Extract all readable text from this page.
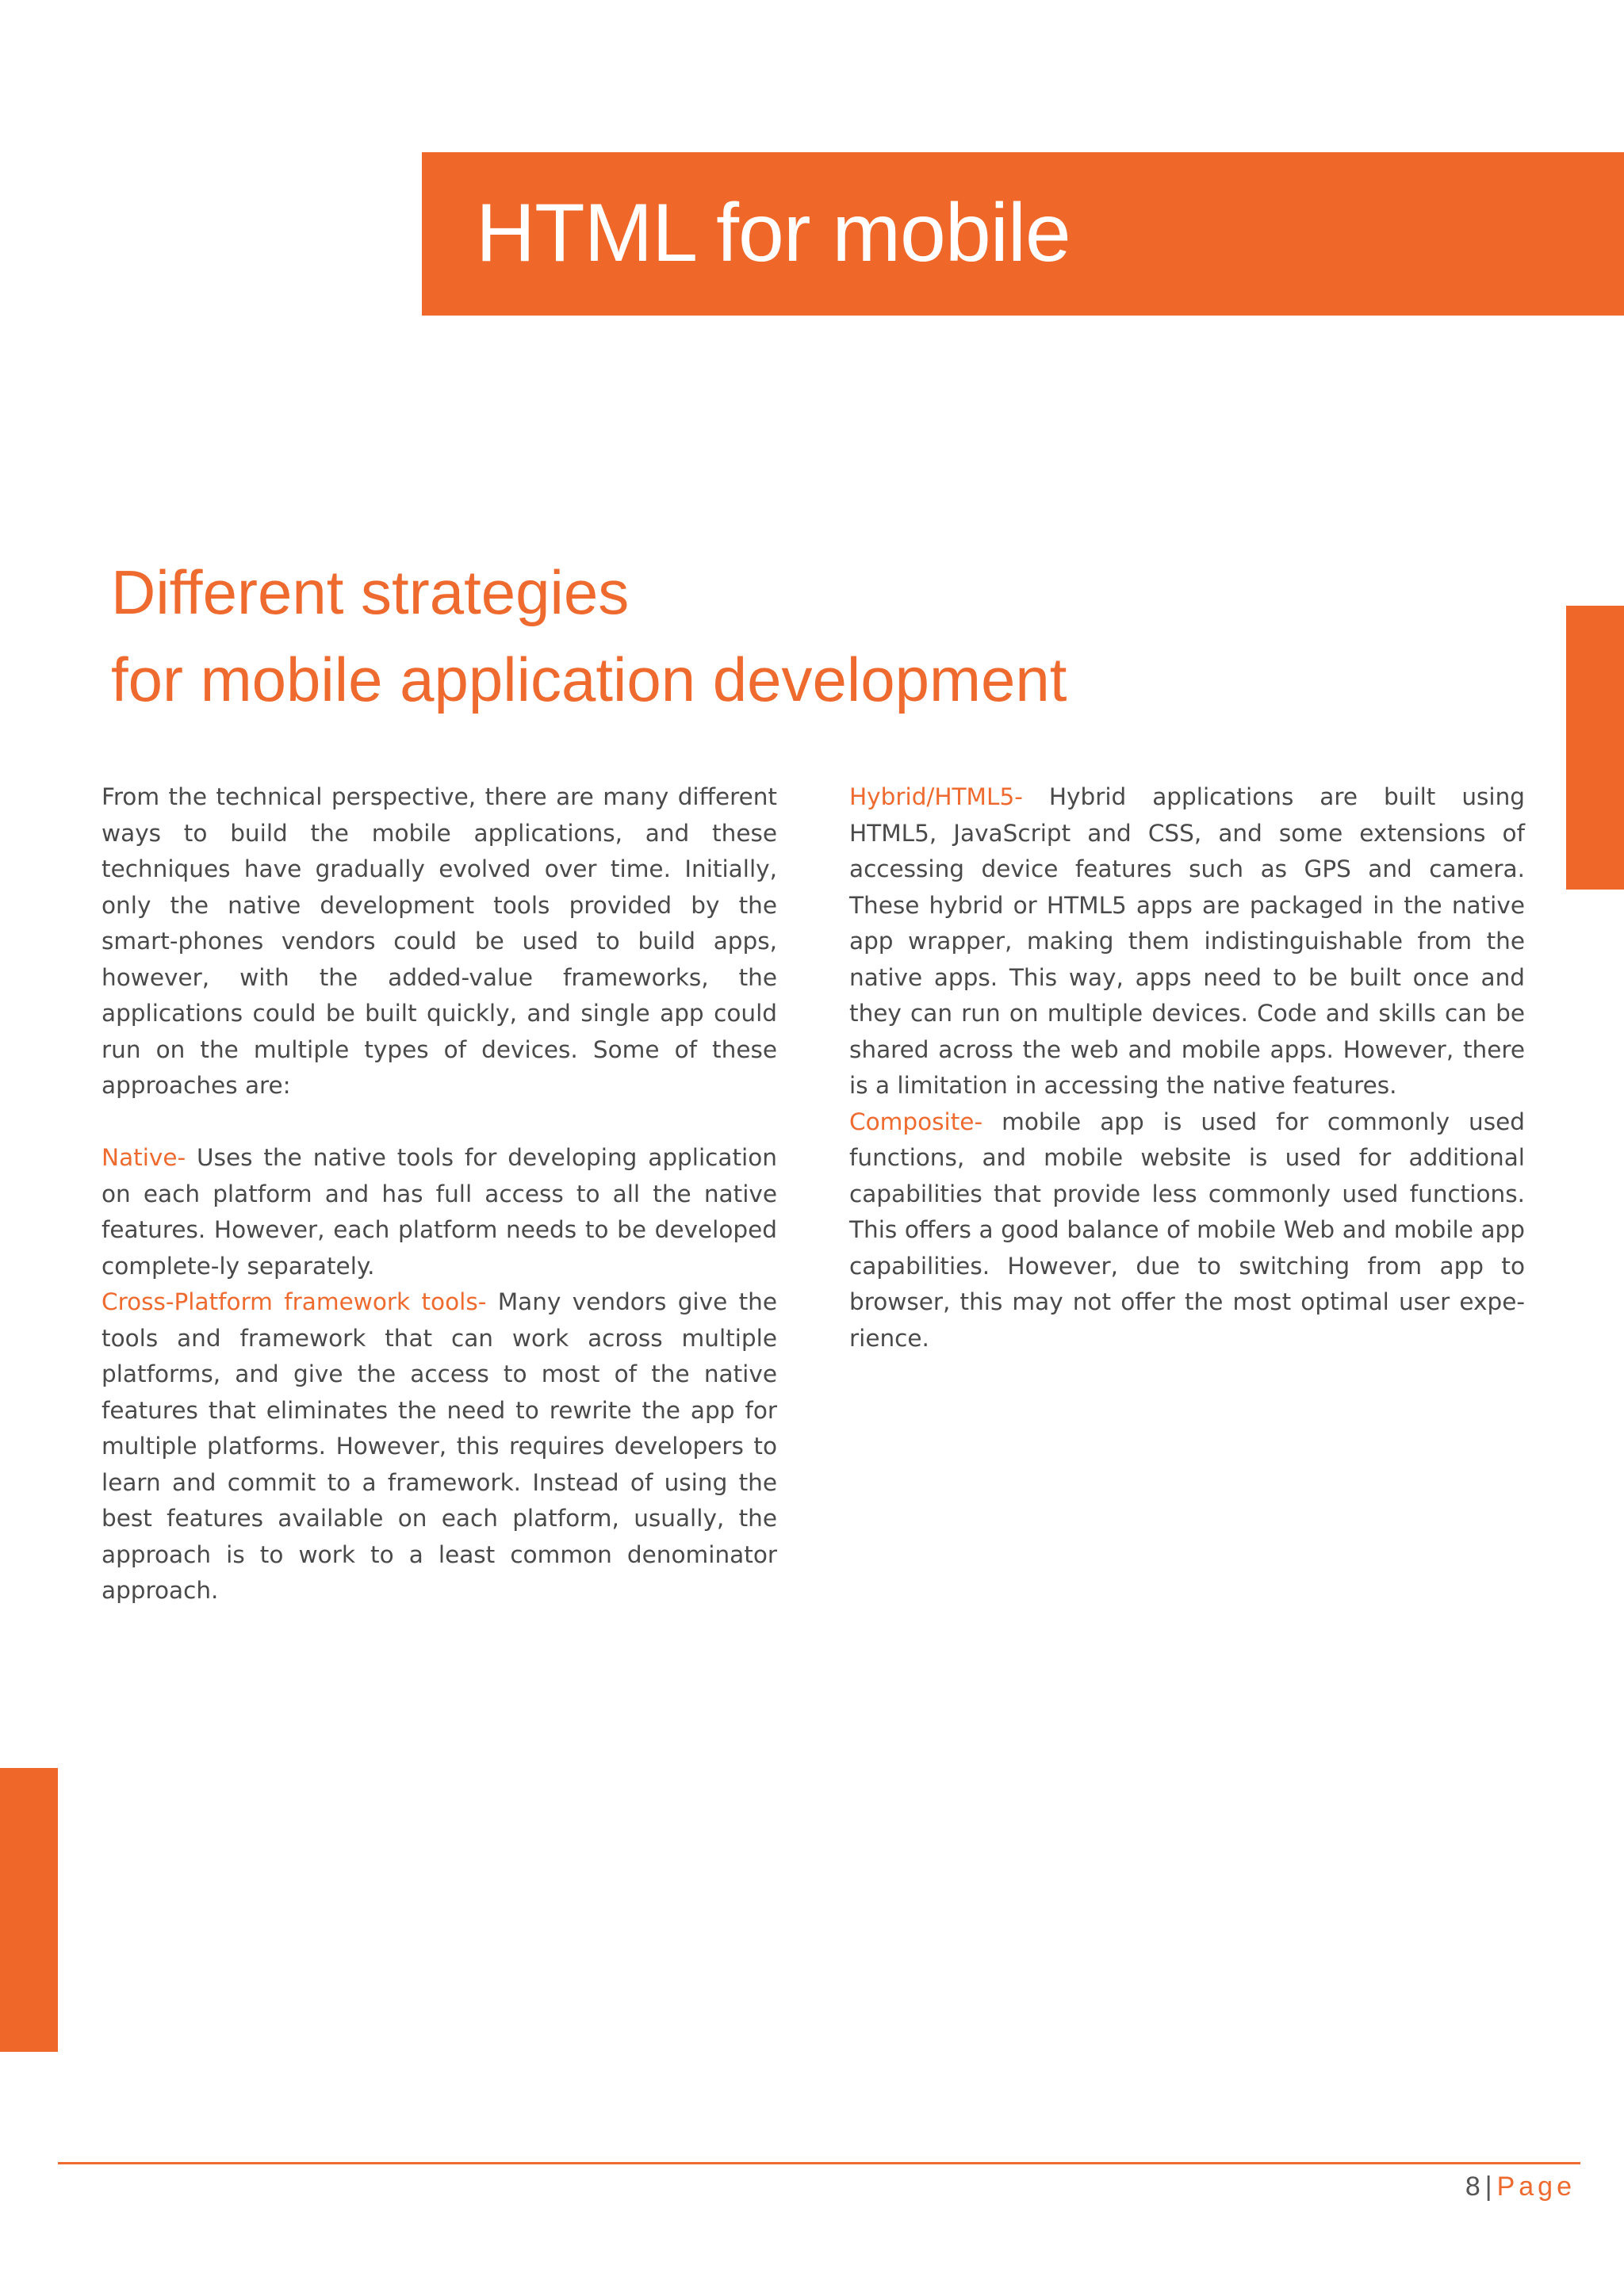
HTML for mobile
Different strategies
for mobile application development

From the technical perspective, there are many different ways to build the mobile applications, and these techniques have gradually evolved over time. Initially, only the native development tools provided by the smart-phones vendors could be used to build apps, however, with the added-value frameworks, the applications could be built quickly, and single app could run on the multiple types of devices. Some of these approaches are:

Native- Uses the native tools for developing application on each platform and has full access to all the native features. However, each platform needs to be developed complete-ly separately.

Cross-Platform framework tools- Many vendors give the tools and framework that can work across multiple platforms, and give the access to most of the native features that eliminates the need to rewrite the app for multiple platforms. However, this requires developers to learn and commit to a framework. Instead of using the best features available on each platform, usually, the approach is to work to a least common denominator approach.

Hybrid/HTML5- Hybrid applications are built using HTML5, JavaScript and CSS, and some extensions of accessing device features such as GPS and camera. These hybrid or HTML5 apps are packaged in the native app wrapper, making them indistinguishable from the native apps. This way, apps need to be built once and they can run on multiple devices. Code and skills can be shared across the web and mobile apps. However, there is a limitation in accessing the native features.

Composite- mobile app is used for commonly used functions, and mobile website is used for additional capabilities that provide less commonly used functions. This offers a good balance of mobile Web and mobile app capabilities. However, due to switching from app to browser, this may not offer the most optimal user expe-rience.

8 | Page
